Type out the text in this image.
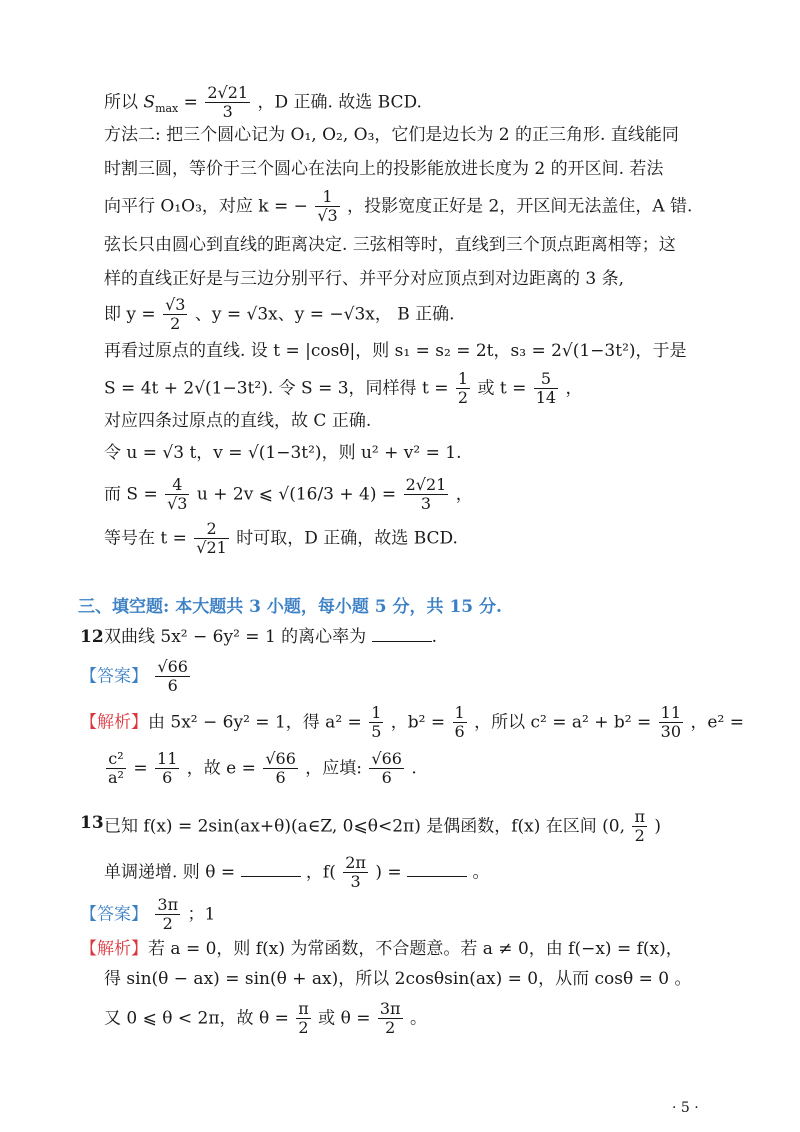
所以 $S_{max} = \frac{2√21}{3}$ ，D 正确. 故选 BCD.
方法二: 把三个圆心记为 O₁, O₂, O₃，它们是边长为 2 的正三角形. 直线能同
时割三圆，等价于三个圆心在法向上的投影能放进长度为 2 的开区间. 若法
向平行 O₁O₃，对应 k = − $\frac{1}{√3}$ ，投影宽度正好是 2，开区间无法盖住，A 错.
弦长只由圆心到直线的距离决定. 三弦相等时，直线到三个顶点距离相等；这
样的直线正好是与三边分别平行、并平分对应顶点到对边距离的 3 条,
即 $y = \frac{√3}{2}$ 、y = √3x、y = −√3x， B 正确.
再看过原点的直线. 设 t = |cosθ|，则 s₁ = s₂ = 2t，s₃ = 2√(1−3t²)，于是
S = 4t + 2√(1−3t²). 令 S = 3，同样得 $t = \frac{1}{2}$ 或 $t = \frac{5}{14}$ ，
对应四条过原点的直线，故 C 正确.
令 u = √3 t，v = √(1−3t²)，则 u² + v² = 1.
而 $S = \frac{4}{√3}$ u + 2v ⩽ $√(16/3 + 4) = \frac{2√21}{3}$ ，
等号在 $t = \frac{2}{√21}$ 时可取，D 正确，故选 BCD.
三、填空题: 本大题共 3 小题，每小题 5 分，共 15 分.
12 双曲线 5x² − 6y² = 1 的离心率为	.
【答案】 $\frac{√66}{6}$
【解析】由 5x² − 6y² = 1，得 $a^2 = \frac{1}{5}$ ，$b^2 = \frac{1}{6}$ ，所以 $c^2 = a^2 + b^2 = \frac{11}{30}$ ，e² =
$\frac{\text{c²}}{\text{a²}} = \frac{11}{6}$ ，故 $e = \frac{√66}{6}$ ，应填: $\frac{√66}{6}$ .
13 已知 f(x) = 2sin(ax+θ)(a∈Z, 0⩽θ<2π) 是偶函数，f(x) 在区间 (0, $\frac{\pi}{2}$ )
单调递增. 则 θ =	，$f( \frac{2\pi}{3}$ ) =	。
【答案】 $\frac{3\pi}{2}$ ；1
【解析】若 a = 0，则 f(x) 为常函数，不合题意。若 a ≠ 0，由 f(−x) = f(x)，
得 sin(θ − ax) = sin(θ + ax)，所以 2cosθsin(ax) = 0，从而 cosθ = 0 。
又 0 ⩽ θ < 2π，故 $\theta = \frac{\pi}{2}$ 或 $\theta = \frac{3\pi}{2}$ 。
· 5 ·
